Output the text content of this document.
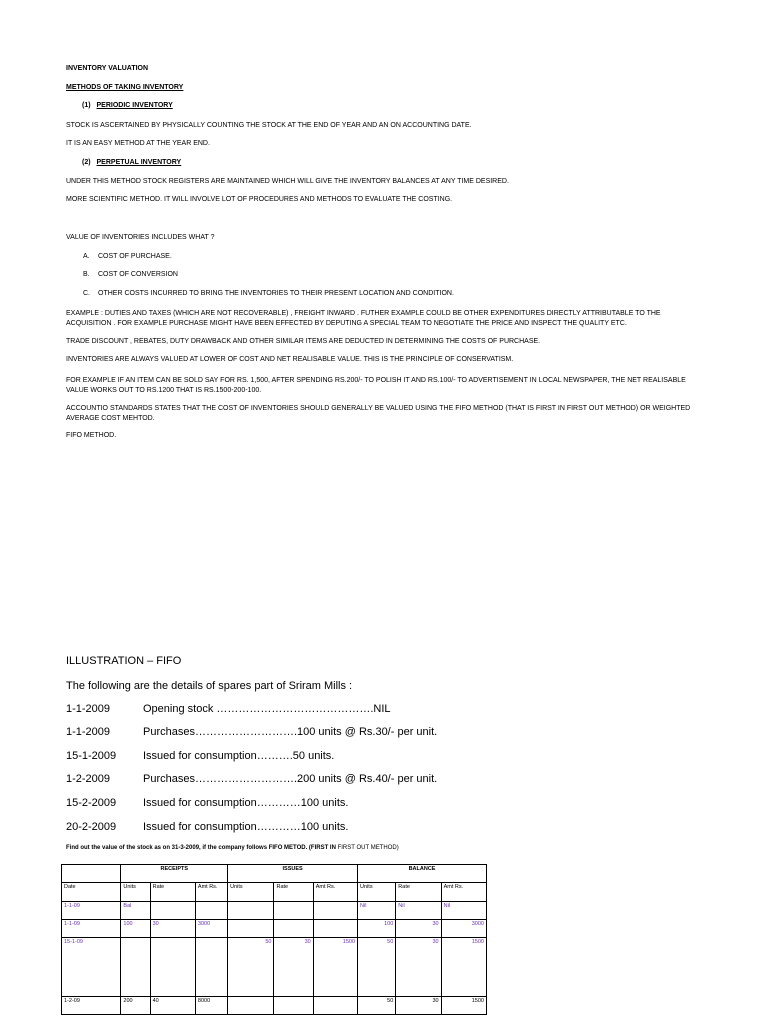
INVENTORY VALUATION
METHODS OF TAKING INVENTORY
(1) PERIODIC INVENTORY
STOCK IS ASCERTAINED BY PHYSICALLY COUNTING THE STOCK AT THE END OF YEAR AND AN ON ACCOUNTING DATE.
IT IS AN EASY METHOD AT THE YEAR END.
(2) PERPETUAL INVENTORY
UNDER THIS METHOD STOCK REGISTERS ARE MAINTAINED WHICH WILL GIVE THE INVENTORY BALANCES AT ANY TIME DESIRED.
MORE SCIENTIFIC METHOD. IT WILL INVOLVE LOT OF PROCEDURES AND METHODS TO EVALUATE THE COSTING.
VALUE OF INVENTORIES INCLUDES WHAT ?
A. COST OF PURCHASE.
B. COST OF CONVERSION
C. OTHER COSTS INCURRED TO BRING THE INVENTORIES TO THEIR PRESENT LOCATION AND CONDITION.
EXAMPLE : DUTIES AND TAXES (WHICH ARE NOT RECOVERABLE) , FREIGHT INWARD . FUTHER EXAMPLE COULD BE OTHER EXPENDITURES DIRECTLY ATTRIBUTABLE TO THE ACQUISITION . FOR EXAMPLE PURCHASE MIGHT HAVE BEEN EFFECTED BY DEPUTING A SPECIAL TEAM TO NEGOTIATE THE PRICE AND INSPECT THE QUALITY ETC.
TRADE DISCOUNT , REBATES, DUTY DRAWBACK AND OTHER SIMILAR ITEMS ARE DEDUCTED IN DETERMINING THE COSTS OF PURCHASE.
INVENTORIES ARE ALWAYS VALUED AT LOWER OF COST AND NET REALISABLE VALUE. THIS IS THE PRINCIPLE OF CONSERVATISM.
FOR EXAMPLE IF AN ITEM CAN BE SOLD SAY FOR RS. 1,500, AFTER SPENDING RS.200/- TO POLISH IT AND RS.100/- TO ADVERTISEMENT IN LOCAL NEWSPAPER, THE NET REALISABLE VALUE WORKS OUT TO RS.1200 THAT IS RS.1500-200-100.
ACCOUNTIO STANDARDS STATES THAT THE COST OF INVENTORIES SHOULD GENERALLY BE VALUED USING THE FIFO METHOD (THAT IS FIRST IN FIRST OUT METHOD) OR WEIGHTED AVERAGE COST MEHTOD.
FIFO METHOD.
ILLUSTRATION – FIFO
The following are the details of spares part of Sriram Mills :
1-1-2009	Opening stock …………………………………….NIL
1-1-2009	Purchases……………………….100 units @ Rs.30/- per unit.
15-1-2009 Issued for consumption……….50 units.
1-2-2009	Purchases……………………….200 units @ Rs.40/- per unit.
15-2-2009 Issued for consumption…………100 units.
20-2-2009 Issued for consumption…………100 units.
Find out the value of the stock as on 31-3-2009, if the company follows FIFO METOD. (FIRST IN FIRST OUT METHOD)
	RECEIPTS			ISSUES			BALANCE		
Date	Units	Rate	Amt Rs.	Units	Rate	Amt Rs.	Units	Rate	Amt Rs.
1-1-09	Bal						Nil	Nil	Nil
1-1-09	100	30	3000				100	30	3000
15-1-09				50	30	1500	50	30	1500
1-2-09	200	40	8000				50	30	1500
